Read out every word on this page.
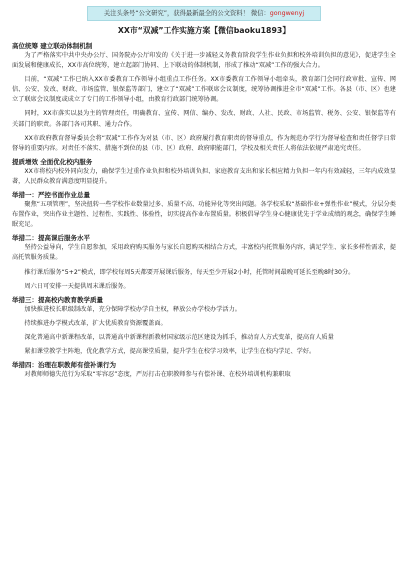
关注头条号“公文研究”，获得最新最全的公文资料！ 微信：gongwenyj
XX市“双减”工作实施方案【微信baoku1893】
高位统筹 建立联动体制机制

为了严格落实中共中央办公厅、国务院办公厅印发的《关于进一步减轻义务教育阶段学生作业负担和校外培训负担的意见》，促进学生全面发展和健康成长，XX市高位统筹，建立起部门协同、上下联动的体制机制，形成了推动“双减”工作的强大合力。

目前，“双减”工作已纳入XX市委教育工作领导小组重点工作任务。XX市委教育工作领导小组牵头，教育部门会同行政审批、宣传、网信、公安、发改、财政、市场监管、银保监等部门，建立了“双减”工作联席会议制度，统筹协调推进全市“双减”工作。各县（市、区）也建立了联席会议制度或成立了专门的工作领导小组，由教育行政部门统筹协调。

同时，XX市落实以县为主的管理责任，明确教育、宣传、网信、编办、发改、财政、人社、民政、市场监管、税务、公安、银保监等有关部门的职责。各部门各司其职、通力合作。

XX市政府教育督导委员会将“双减”工作作为对县（市、区）政府履行教育职责的督导重点，作为规范办学行为督导检查和责任督学日常督导的重要内容。对责任不落实、措施不到位的县（市、区）政府、政府职能部门，学校及相关责任人将依法依规严肃追究责任。

提质增效 全面优化校内服务

XX市将校内校外同向发力，确保学生过重作业负担和校外培训负担、家庭教育支出和家长相应精力负担一年内有效减轻，三年内成效显著，人民群众教育满意度明显提升。

举措一：严控书面作业总量

聚焦“五项管理”，坚决扭转一些学校作业数量过多、质量不高、功能异化等突出问题。各学校采取“基础作业+弹性作业”模式，分层分类布置作业，突出作业主题性、过程性、实践性、体验性，切实提高作业布置质量。积极倡导学生身心健康优先于学业成绩的观念，确保学生睡眠充足。

举措二：提高课后服务水平

坚持公益导向，学生自愿参加，采用政府购买服务与家长自愿购买相结合方式，丰富校内托管服务内容，满足学生、家长多样性需求，提高托管服务质量。

推行课后服务“5+2”模式，即学校每周5天都要开展课后服务，每天至少开展2小时，托管时间最晚可延长至晚8时30分。

周六日可安排一天提供周末课后服务。

举措三：提高校内教育教学质量

加快推进校长职级制改革，充分保障学校办学自主权，释放公办学校办学活力。

持续推进办学模式改革，扩大优质教育资源覆盖面。

深化普通高中新课程改革，以普通高中新课程新教材国家级示范区建设为抓手，推动育人方式变革，提高育人质量

紧扣课堂教学主阵地，优化教学方式，提高课堂质量，提升学生在校学习效率，让学生在校内学足、学好。

举措四：治理在职教师有偿补课行为

对教师师德失范行为采取“零容忍”态度，严厉打击在职教师参与有偿补课、在校外培训机构兼职取
